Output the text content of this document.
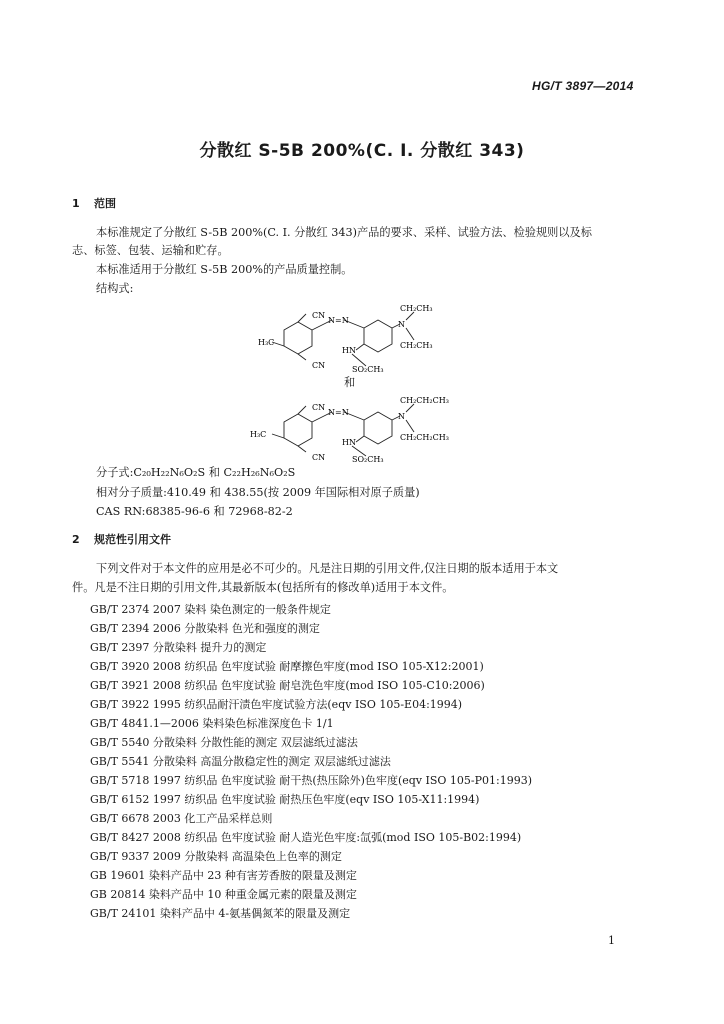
HG/T 3897—2014
分散红 S-5B 200%(C. I. 分散红 343)
1 范围
本标准规定了分散红 S-5B 200%(C. I. 分散红 343)产品的要求、采样、试验方法、检验规则以及标
志、标签、包装、运输和贮存。
本标准适用于分散红 S-5B 200%的产品质量控制。
结构式:
CN
CN
H₃C
N=N	N
CH₂CH₃
CH₂CH₃
HN
SO₂CH₃
和
CN
CN
H₃C
N=N	N
CH₂CH₂CH₃
CH₂CH₂CH₃
HN
SO₂CH₃
分子式:C₂₀H₂₂N₆O₂S 和 C₂₂H₂₆N₆O₂S
相对分子质量:410.49 和 438.55(按 2009 年国际相对原子质量)
CAS RN:68385-96-6 和 72968-82-2
2 规范性引用文件
下列文件对于本文件的应用是必不可少的。凡是注日期的引用文件,仅注日期的版本适用于本文
件。凡是不注日期的引用文件,其最新版本(包括所有的修改单)适用于本文件。
GB/T 2374 2007 染料 染色测定的一般条件规定
GB/T 2394 2006 分散染料 色光和强度的测定
GB/T 2397 分散染料 提升力的测定
GB/T 3920 2008 纺织品 色牢度试验 耐摩擦色牢度(mod ISO 105-X12:2001)
GB/T 3921 2008 纺织品 色牢度试验 耐皂洗色牢度(mod ISO 105-C10:2006)
GB/T 3922 1995 纺织品耐汗渍色牢度试验方法(eqv ISO 105-E04:1994)
GB/T 4841.1—2006 染料染色标准深度色卡 1/1
GB/T 5540 分散染料 分散性能的测定 双层滤纸过滤法
GB/T 5541 分散染料 高温分散稳定性的测定 双层滤纸过滤法
GB/T 5718 1997 纺织品 色牢度试验 耐干热(热压除外)色牢度(eqv ISO 105-P01:1993)
GB/T 6152 1997 纺织品 色牢度试验 耐热压色牢度(eqv ISO 105-X11:1994)
GB/T 6678 2003 化工产品采样总则
GB/T 8427 2008 纺织品 色牢度试验 耐人造光色牢度:氙弧(mod ISO 105-B02:1994)
GB/T 9337 2009 分散染料 高温染色上色率的测定
GB 19601 染料产品中 23 种有害芳香胺的限量及测定
GB 20814 染料产品中 10 种重金属元素的限量及测定
GB/T 24101 染料产品中 4-氨基偶氮苯的限量及测定
1
